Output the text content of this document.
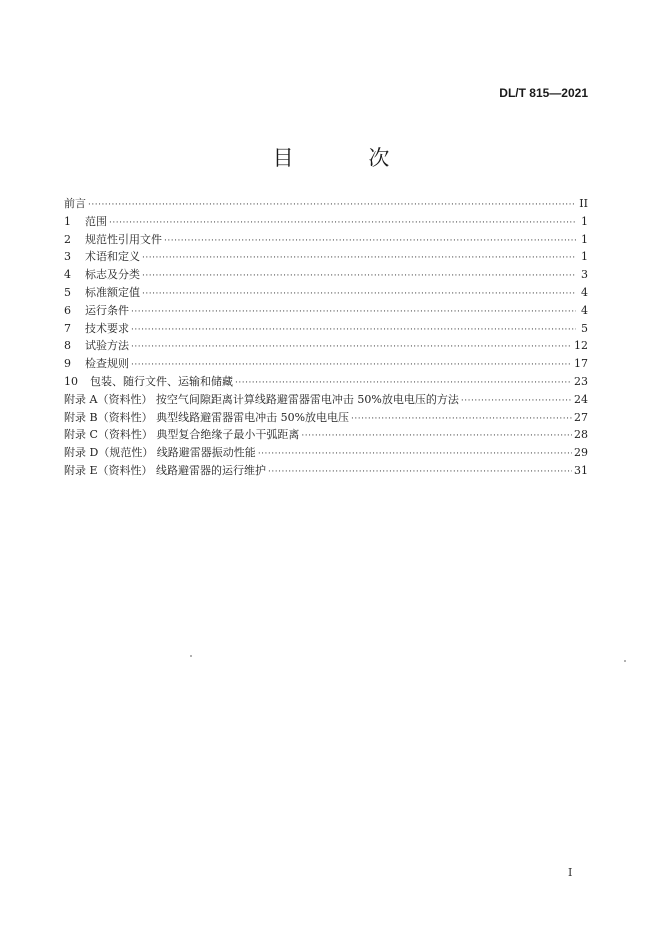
DL/T 815—2021
目 次
前言 ·····	II
1	范围 ·····	1
2	规范性引用文件 ·····	1
3	术语和定义 ·····	1
4	标志及分类 ·····	3
5	标准额定值 ·····	4
6	运行条件 ·····	4
7	技术要求 ·····	5
8	试验方法 ·····	12
9	检查规则 ·····	17
10	包装、随行文件、运输和储藏 ·····	23
附录 A（资料性） 按空气间隙距离计算线路避雷器雷电冲击 50%放电电压的方法 ·····	24
附录 B（资料性） 典型线路避雷器雷电冲击 50%放电电压 ·····	27
附录 C（资料性） 典型复合绝缘子最小干弧距离 ·····	28
附录 D（规范性） 线路避雷器振动性能 ·····	29
附录 E（资料性） 线路避雷器的运行维护 ·····	31
I
